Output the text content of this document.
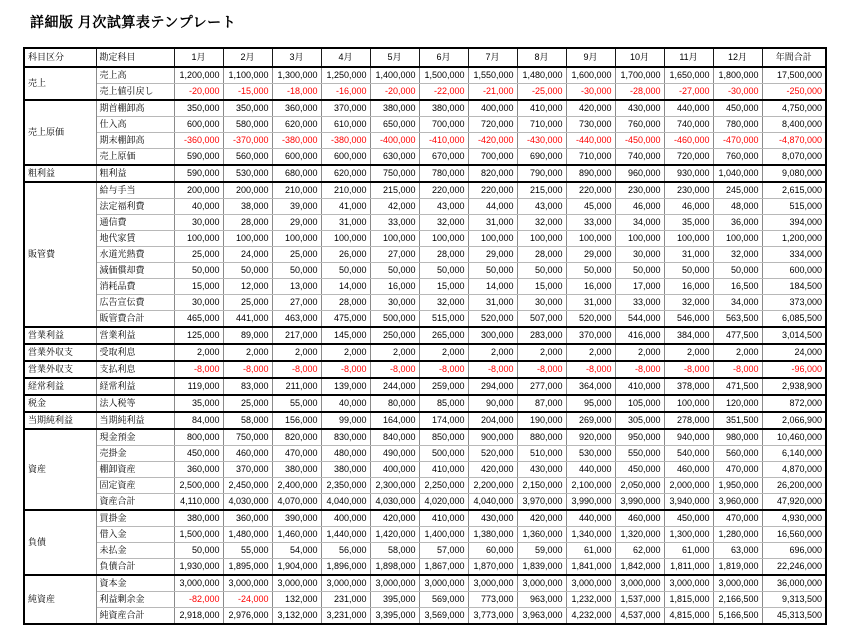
詳細版 月次試算表テンプレート
科目区分	勘定科目	1月	2月	3月	4月	5月	6月	7月	8月	9月	10月	11月	12月	年間合計
売上	売上高	1,200,000	1,100,000	1,300,000	1,250,000	1,400,000	1,500,000	1,550,000	1,480,000	1,600,000	1,700,000	1,650,000	1,800,000	17,500,000
	売上値引戻し	-20,000	-15,000	-18,000	-16,000	-20,000	-22,000	-21,000	-25,000	-30,000	-28,000	-27,000	-30,000	-250,000
売上原価	期首棚卸高	350,000	350,000	360,000	370,000	380,000	380,000	400,000	410,000	420,000	430,000	440,000	450,000	4,750,000
	仕入高	600,000	580,000	620,000	610,000	650,000	700,000	720,000	710,000	730,000	760,000	740,000	780,000	8,400,000
	期末棚卸高	-360,000	-370,000	-380,000	-380,000	-400,000	-410,000	-420,000	-430,000	-440,000	-450,000	-460,000	-470,000	-4,870,000
	売上原価	590,000	560,000	600,000	600,000	630,000	670,000	700,000	690,000	710,000	740,000	720,000	760,000	8,070,000
粗利益	粗利益	590,000	530,000	680,000	620,000	750,000	780,000	820,000	790,000	890,000	960,000	930,000	1,040,000	9,080,000
販管費	給与手当	200,000	200,000	210,000	210,000	215,000	220,000	220,000	215,000	220,000	230,000	230,000	245,000	2,615,000
	法定福利費	40,000	38,000	39,000	41,000	42,000	43,000	44,000	43,000	45,000	46,000	46,000	48,000	515,000
	通信費	30,000	28,000	29,000	31,000	33,000	32,000	31,000	32,000	33,000	34,000	35,000	36,000	394,000
	地代家賃	100,000	100,000	100,000	100,000	100,000	100,000	100,000	100,000	100,000	100,000	100,000	100,000	1,200,000
	水道光熱費	25,000	24,000	25,000	26,000	27,000	28,000	29,000	28,000	29,000	30,000	31,000	32,000	334,000
	減価償却費	50,000	50,000	50,000	50,000	50,000	50,000	50,000	50,000	50,000	50,000	50,000	50,000	600,000
	消耗品費	15,000	12,000	13,000	14,000	16,000	15,000	14,000	15,000	16,000	17,000	16,000	16,500	184,500
	広告宣伝費	30,000	25,000	27,000	28,000	30,000	32,000	31,000	30,000	31,000	33,000	32,000	34,000	373,000
	販管費合計	465,000	441,000	463,000	475,000	500,000	515,000	520,000	507,000	520,000	544,000	546,000	563,500	6,085,500
営業利益	営業利益	125,000	89,000	217,000	145,000	250,000	265,000	300,000	283,000	370,000	416,000	384,000	477,500	3,014,500
営業外収支	受取利息	2,000	2,000	2,000	2,000	2,000	2,000	2,000	2,000	2,000	2,000	2,000	2,000	24,000
営業外収支	支払利息	-8,000	-8,000	-8,000	-8,000	-8,000	-8,000	-8,000	-8,000	-8,000	-8,000	-8,000	-8,000	-96,000
経常利益	経常利益	119,000	83,000	211,000	139,000	244,000	259,000	294,000	277,000	364,000	410,000	378,000	471,500	2,938,900
税金	法人税等	35,000	25,000	55,000	40,000	80,000	85,000	90,000	87,000	95,000	105,000	100,000	120,000	872,000
当期純利益	当期純利益	84,000	58,000	156,000	99,000	164,000	174,000	204,000	190,000	269,000	305,000	278,000	351,500	2,066,900
資産	現金預金	800,000	750,000	820,000	830,000	840,000	850,000	900,000	880,000	920,000	950,000	940,000	980,000	10,460,000
	売掛金	450,000	460,000	470,000	480,000	490,000	500,000	520,000	510,000	530,000	550,000	540,000	560,000	6,140,000
	棚卸資産	360,000	370,000	380,000	380,000	400,000	410,000	420,000	430,000	440,000	450,000	460,000	470,000	4,870,000
	固定資産	2,500,000	2,450,000	2,400,000	2,350,000	2,300,000	2,250,000	2,200,000	2,150,000	2,100,000	2,050,000	2,000,000	1,950,000	26,200,000
	資産合計	4,110,000	4,030,000	4,070,000	4,040,000	4,030,000	4,020,000	4,040,000	3,970,000	3,990,000	3,990,000	3,940,000	3,960,000	47,920,000
負債	買掛金	380,000	360,000	390,000	400,000	420,000	410,000	430,000	420,000	440,000	460,000	450,000	470,000	4,930,000
	借入金	1,500,000	1,480,000	1,460,000	1,440,000	1,420,000	1,400,000	1,380,000	1,360,000	1,340,000	1,320,000	1,300,000	1,280,000	16,560,000
	未払金	50,000	55,000	54,000	56,000	58,000	57,000	60,000	59,000	61,000	62,000	61,000	63,000	696,000
	負債合計	1,930,000	1,895,000	1,904,000	1,896,000	1,898,000	1,867,000	1,870,000	1,839,000	1,841,000	1,842,000	1,811,000	1,819,000	22,246,000
純資産	資本金	3,000,000	3,000,000	3,000,000	3,000,000	3,000,000	3,000,000	3,000,000	3,000,000	3,000,000	3,000,000	3,000,000	3,000,000	36,000,000
	利益剰余金	-82,000	-24,000	132,000	231,000	395,000	569,000	773,000	963,000	1,232,000	1,537,000	1,815,000	2,166,500	9,313,500
	純資産合計	2,918,000	2,976,000	3,132,000	3,231,000	3,395,000	3,569,000	3,773,000	3,963,000	4,232,000	4,537,000	4,815,000	5,166,500	45,313,500
